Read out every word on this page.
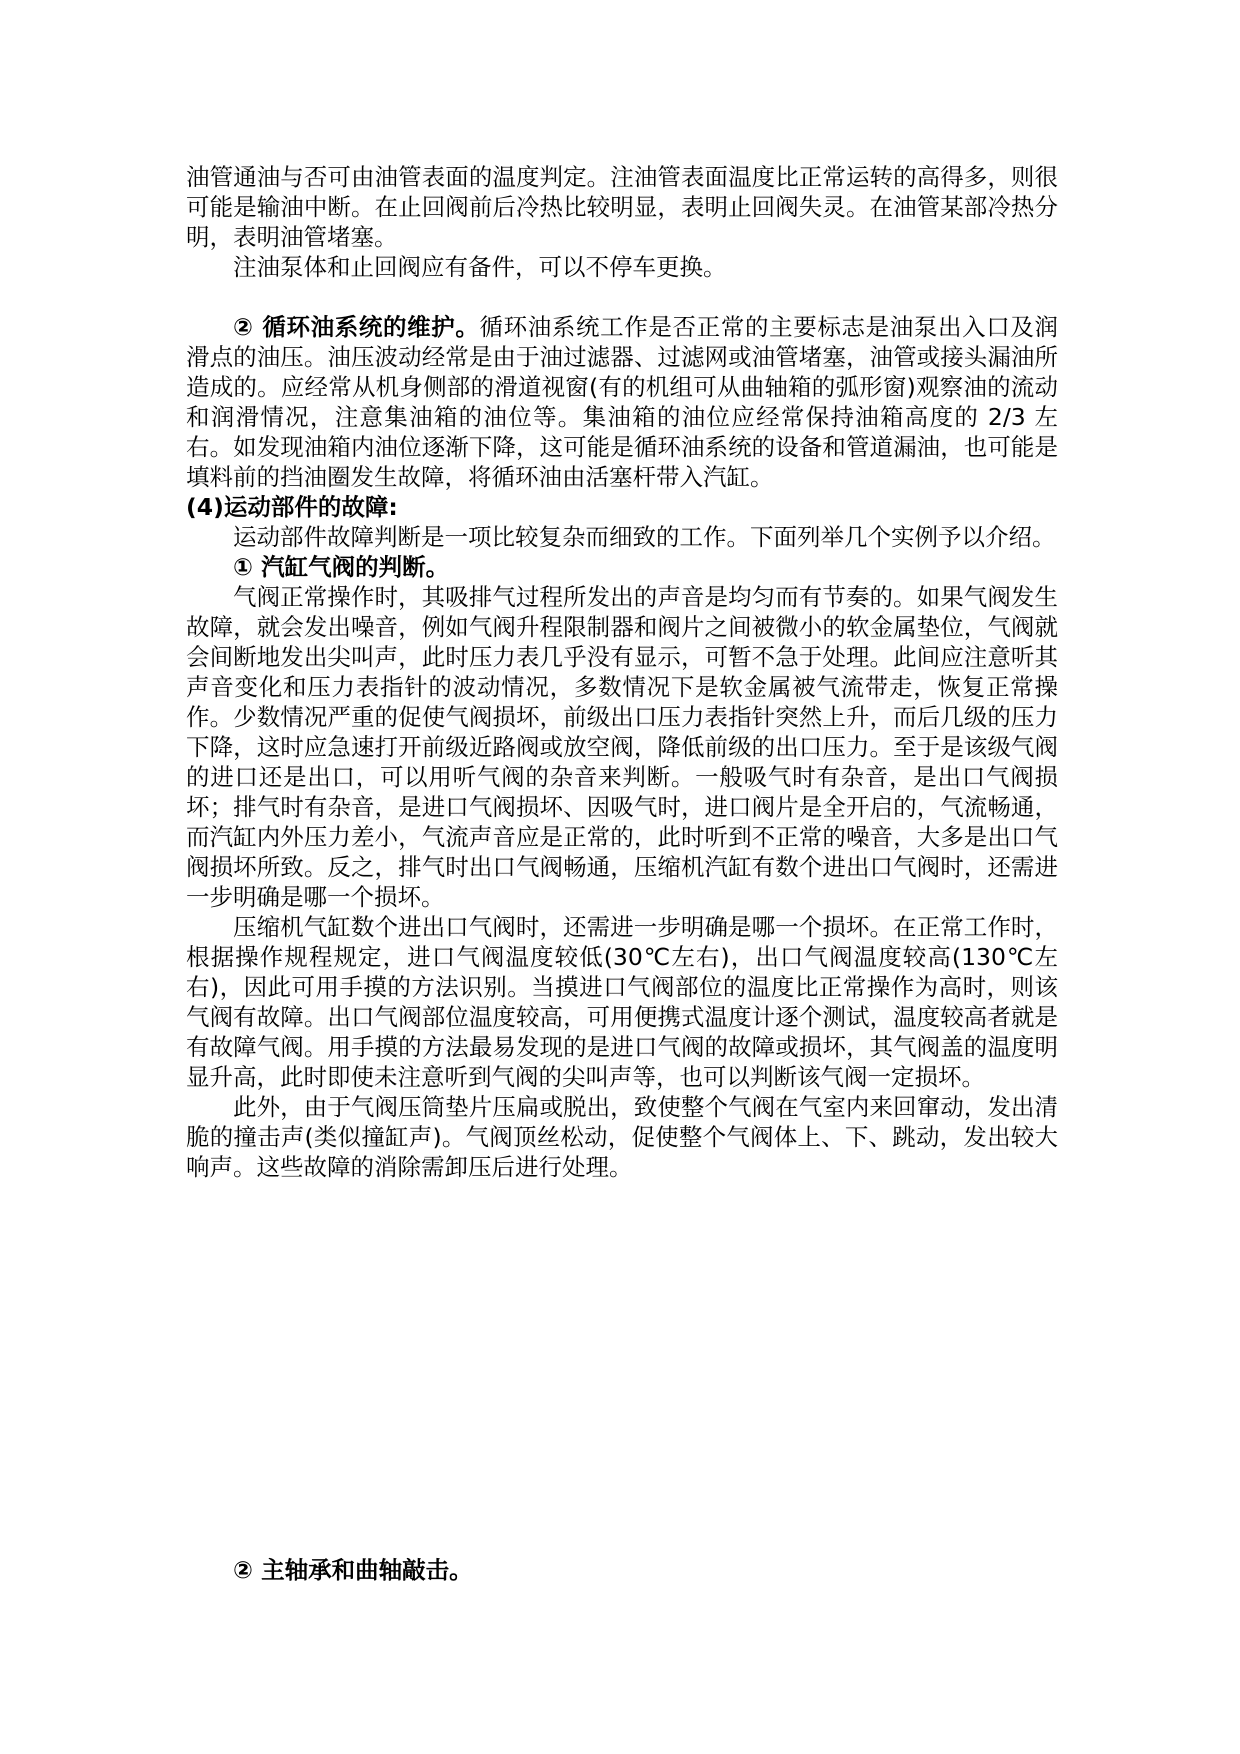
油管通油与否可由油管表面的温度判定。注油管表面温度比正常运转的高得多，则很可能是输油中断。在止回阀前后冷热比较明显，表明止回阀失灵。在油管某部冷热分明，表明油管堵塞。

注油泵体和止回阀应有备件，可以不停车更换。

② 循环油系统的维护。循环油系统工作是否正常的主要标志是油泵出入口及润滑点的油压。油压波动经常是由于油过滤器、过滤网或油管堵塞，油管或接头漏油所造成的。应经常从机身侧部的滑道视窗(有的机组可从曲轴箱的弧形窗)观察油的流动和润滑情况，注意集油箱的油位等。集油箱的油位应经常保持油箱高度的 2/3 左右。如发现油箱内油位逐渐下降，这可能是循环油系统的设备和管道漏油，也可能是填料前的挡油圈发生故障，将循环油由活塞杆带入汽缸。

(4)运动部件的故障:

运动部件故障判断是一项比较复杂而细致的工作。下面列举几个实例予以介绍。

① 汽缸气阀的判断。

气阀正常操作时，其吸排气过程所发出的声音是均匀而有节奏的。如果气阀发生故障，就会发出噪音，例如气阀升程限制器和阀片之间被微小的软金属垫位，气阀就会间断地发出尖叫声，此时压力表几乎没有显示，可暂不急于处理。此间应注意听其声音变化和压力表指针的波动情况，多数情况下是软金属被气流带走，恢复正常操作。少数情况严重的促使气阀损坏，前级出口压力表指针突然上升，而后几级的压力下降，这时应急速打开前级近路阀或放空阀，降低前级的出口压力。至于是该级气阀的进口还是出口，可以用听气阀的杂音来判断。一般吸气时有杂音，是出口气阀损坏；排气时有杂音，是进口气阀损坏、因吸气时，进口阀片是全开启的，气流畅通，而汽缸内外压力差小，气流声音应是正常的，此时听到不正常的噪音，大多是出口气阀损坏所致。反之，排气时出口气阀畅通，压缩机汽缸有数个进出口气阀时，还需进一步明确是哪一个损坏。

压缩机气缸数个进出口气阀时，还需进一步明确是哪一个损坏。在正常工作时，根据操作规程规定，进口气阀温度较低(30℃左右)，出口气阀温度较高(130℃左右)，因此可用手摸的方法识别。当摸进口气阀部位的温度比正常操作为高时，则该气阀有故障。出口气阀部位温度较高，可用便携式温度计逐个测试，温度较高者就是有故障气阀。用手摸的方法最易发现的是进口气阀的故障或损坏，其气阀盖的温度明显升高，此时即使未注意听到气阀的尖叫声等，也可以判断该气阀一定损坏。

此外，由于气阀压筒垫片压扁或脱出，致使整个气阀在气室内来回窜动，发出清脆的撞击声(类似撞缸声)。气阀顶丝松动，促使整个气阀体上、下、跳动，发出较大响声。这些故障的消除需卸压后进行处理。

② 主轴承和曲轴敲击。
